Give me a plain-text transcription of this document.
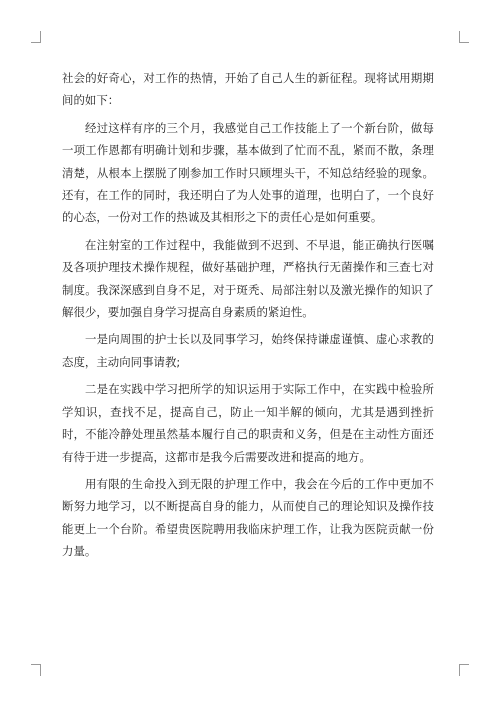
社会的好奇心，对工作的热情，开始了自己人生的新征程。现将试用期期间的如下：

经过这样有序的三个月，我感觉自己工作技能上了一个新台阶，做每一项工作恩都有明确计划和步骤，基本做到了忙而不乱，紧而不散，条理清楚，从根本上摆脱了刚参加工作时只顾埋头干，不知总结经验的现象。还有，在工作的同时，我还明白了为人处事的道理，也明白了，一个良好的心态，一份对工作的热诚及其相形之下的责任心是如何重要。

在注射室的工作过程中，我能做到不迟到、不早退，能正确执行医嘱及各项护理技术操作规程，做好基础护理，严格执行无菌操作和三查七对制度。我深深感到自身不足，对于斑秃、局部注射以及激光操作的知识了解很少，要加强自身学习提高自身素质的紧迫性。

一是向周围的护士长以及同事学习，始终保持谦虚谨慎、虚心求教的态度，主动向同事请教;

二是在实践中学习把所学的知识运用于实际工作中，在实践中检验所学知识，查找不足，提高自己，防止一知半解的倾向，尤其是遇到挫折时，不能冷静处理虽然基本履行自己的职责和义务，但是在主动性方面还有待于进一步提高，这都市是我今后需要改进和提高的地方。

用有限的生命投入到无限的护理工作中，我会在今后的工作中更加不断努力地学习，以不断提高自身的能力，从而使自己的理论知识及操作技能更上一个台阶。希望贵医院聘用我临床护理工作，让我为医院贡献一份力量。
